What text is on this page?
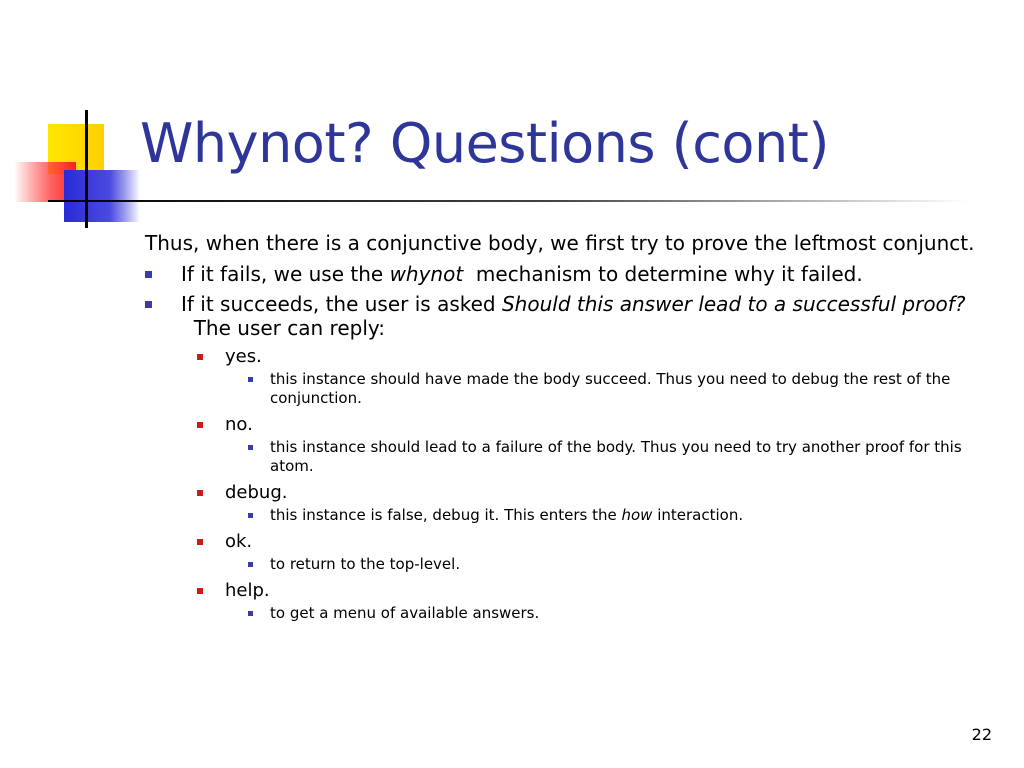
Whynot? Questions (cont)

Thus, when there is a conjunctive body, we first try to prove the leftmost conjunct.

If it fails, we use the whynot  mechanism to determine why it failed.
If it succeeds, the user is asked Should this answer lead to a successful proof?  The user can reply:
yes.
this instance should have made the body succeed. Thus you need to debug the rest of the conjunction.
no.
this instance should lead to a failure of the body. Thus you need to try another proof for this atom.
debug.
this instance is false, debug it. This enters the how interaction.
ok.
to return to the top-level.
help.
to get a menu of available answers.
22
